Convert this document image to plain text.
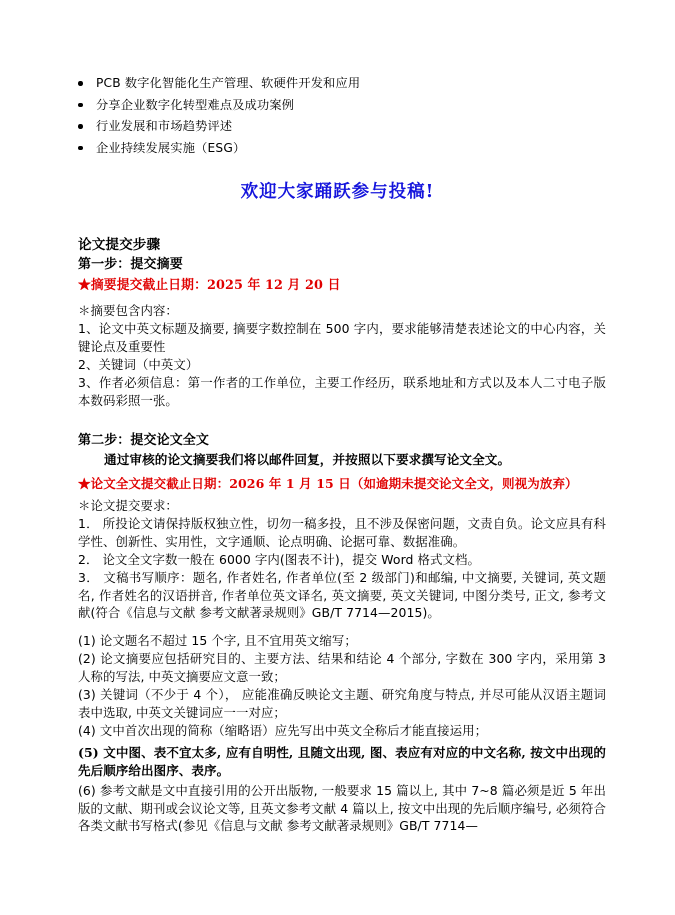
PCB 数字化智能化生产管理、软硬件开发和应用
分享企业数字化转型难点及成功案例
行业发展和市场趋势评述
企业持续发展实施（ESG）
欢迎大家踊跃参与投稿!
论文提交步骤
第一步：提交摘要
★摘要提交截止日期：2025 年 12 月 20 日
＊摘要包含内容：
1、论文中英文标题及摘要, 摘要字数控制在 500 字内，要求能够清楚表述论文的中心内容，关键论点及重要性
2、关键词（中英文）
3、作者必须信息：第一作者的工作单位，主要工作经历，联系地址和方式以及本人二寸电子版本数码彩照一张。
第二步：提交论文全文
通过审核的论文摘要我们将以邮件回复，并按照以下要求撰写论文全文。
★论文全文提交截止日期：2026 年 1 月 15 日（如逾期未提交论文全文，则视为放弃）
＊论文提交要求：
1． 所投论文请保持版权独立性，切勿一稿多投，且不涉及保密问题，文责自负。论文应具有科学性、创新性、实用性，文字通顺、论点明确、论据可靠、数据准确。
2． 论文全文字数一般在 6000 字内(图表不计)，提交 Word 格式文档。
3． 文稿书写顺序：题名, 作者姓名, 作者单位(至 2 级部门)和邮编, 中文摘要, 关键词, 英文题名, 作者姓名的汉语拼音, 作者单位英文译名, 英文摘要, 英文关键词, 中图分类号, 正文, 参考文献(符合《信息与文献 参考文献著录规则》GB/T 7714—2015)。
(1) 论文题名不超过 15 个字, 且不宜用英文缩写；
(2) 论文摘要应包括研究目的、主要方法、结果和结论 4 个部分, 字数在 300 字内，采用第 3 人称的写法, 中英文摘要应文意一致；
(3) 关键词（不少于 4 个）， 应能准确反映论文主题、研究角度与特点, 并尽可能从汉语主题词表中选取, 中英文关键词应一一对应；
(4) 文中首次出现的简称（缩略语）应先写出中英文全称后才能直接运用；
(5) 文中图、表不宜太多, 应有自明性, 且随文出现, 图、表应有对应的中文名称, 按文中出现的先后顺序给出图序、表序。
(6) 参考文献是文中直接引用的公开出版物, 一般要求 15 篇以上, 其中 7~8 篇必须是近 5 年出版的文献、期刊或会议论文等, 且英文参考文献 4 篇以上, 按文中出现的先后顺序编号, 必须符合各类文献书写格式(参见《信息与文献 参考文献著录规则》GB/T 7714—
